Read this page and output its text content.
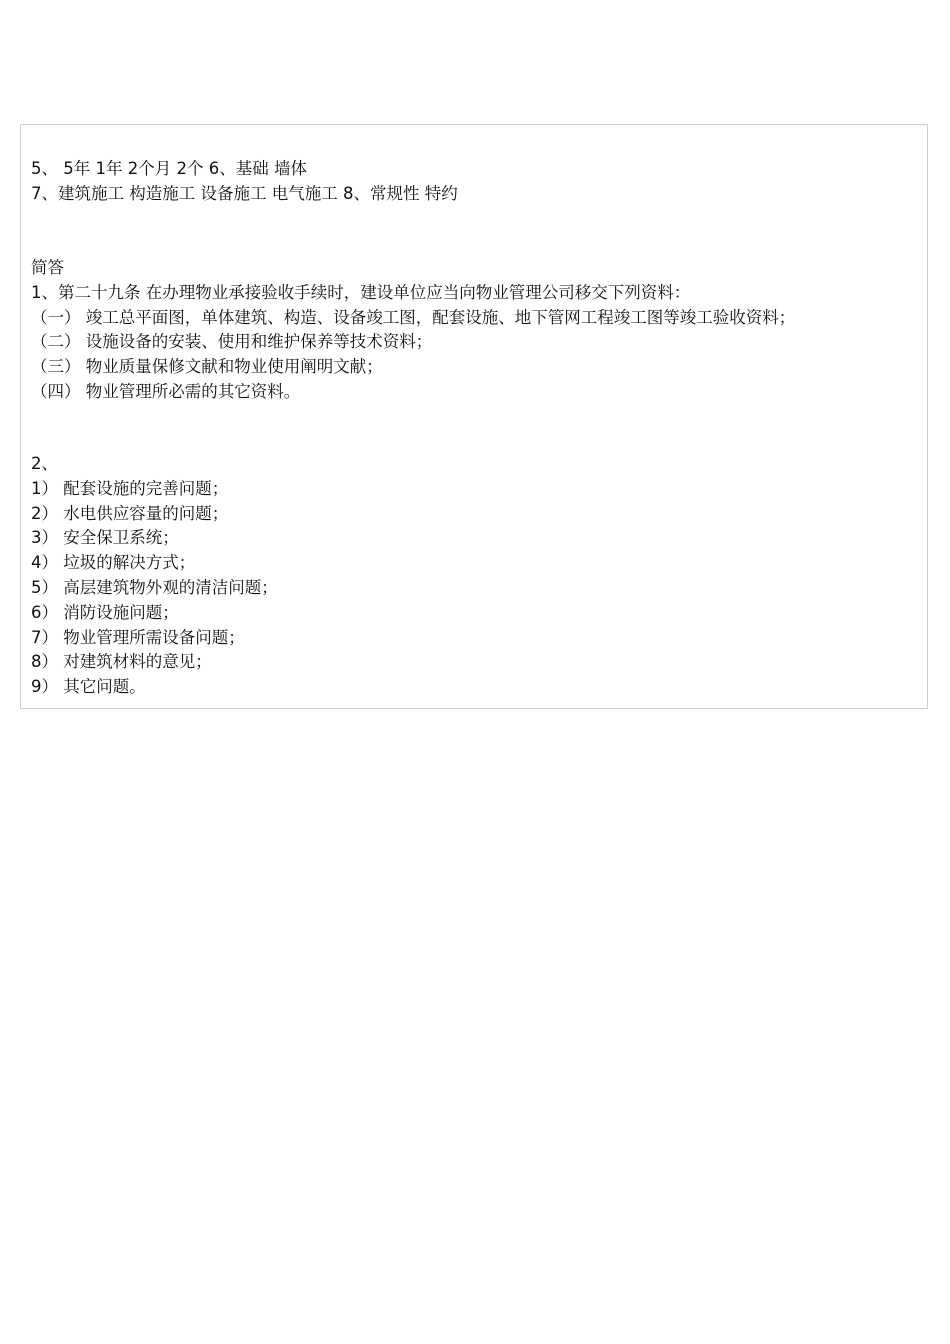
5、 5年 1年 2个月 2个 6、基础 墙体

7、建筑施工 构造施工 设备施工 电气施工 8、常规性 特约

简答

1、第二十九条 在办理物业承接验收手续时，建设单位应当向物业管理公司移交下列资料：

（一） 竣工总平面图，单体建筑、构造、设备竣工图，配套设施、地下管网工程竣工图等竣工验收资料；

（二） 设施设备的安装、使用和维护保养等技术资料；

（三） 物业质量保修文献和物业使用阐明文献；

（四） 物业管理所必需的其它资料。

2、

1） 配套设施的完善问题；

2） 水电供应容量的问题；

3） 安全保卫系统；

4） 垃圾的解决方式；

5） 高层建筑物外观的清洁问题；

6） 消防设施问题；

7） 物业管理所需设备问题；

8） 对建筑材料的意见；

9） 其它问题。
